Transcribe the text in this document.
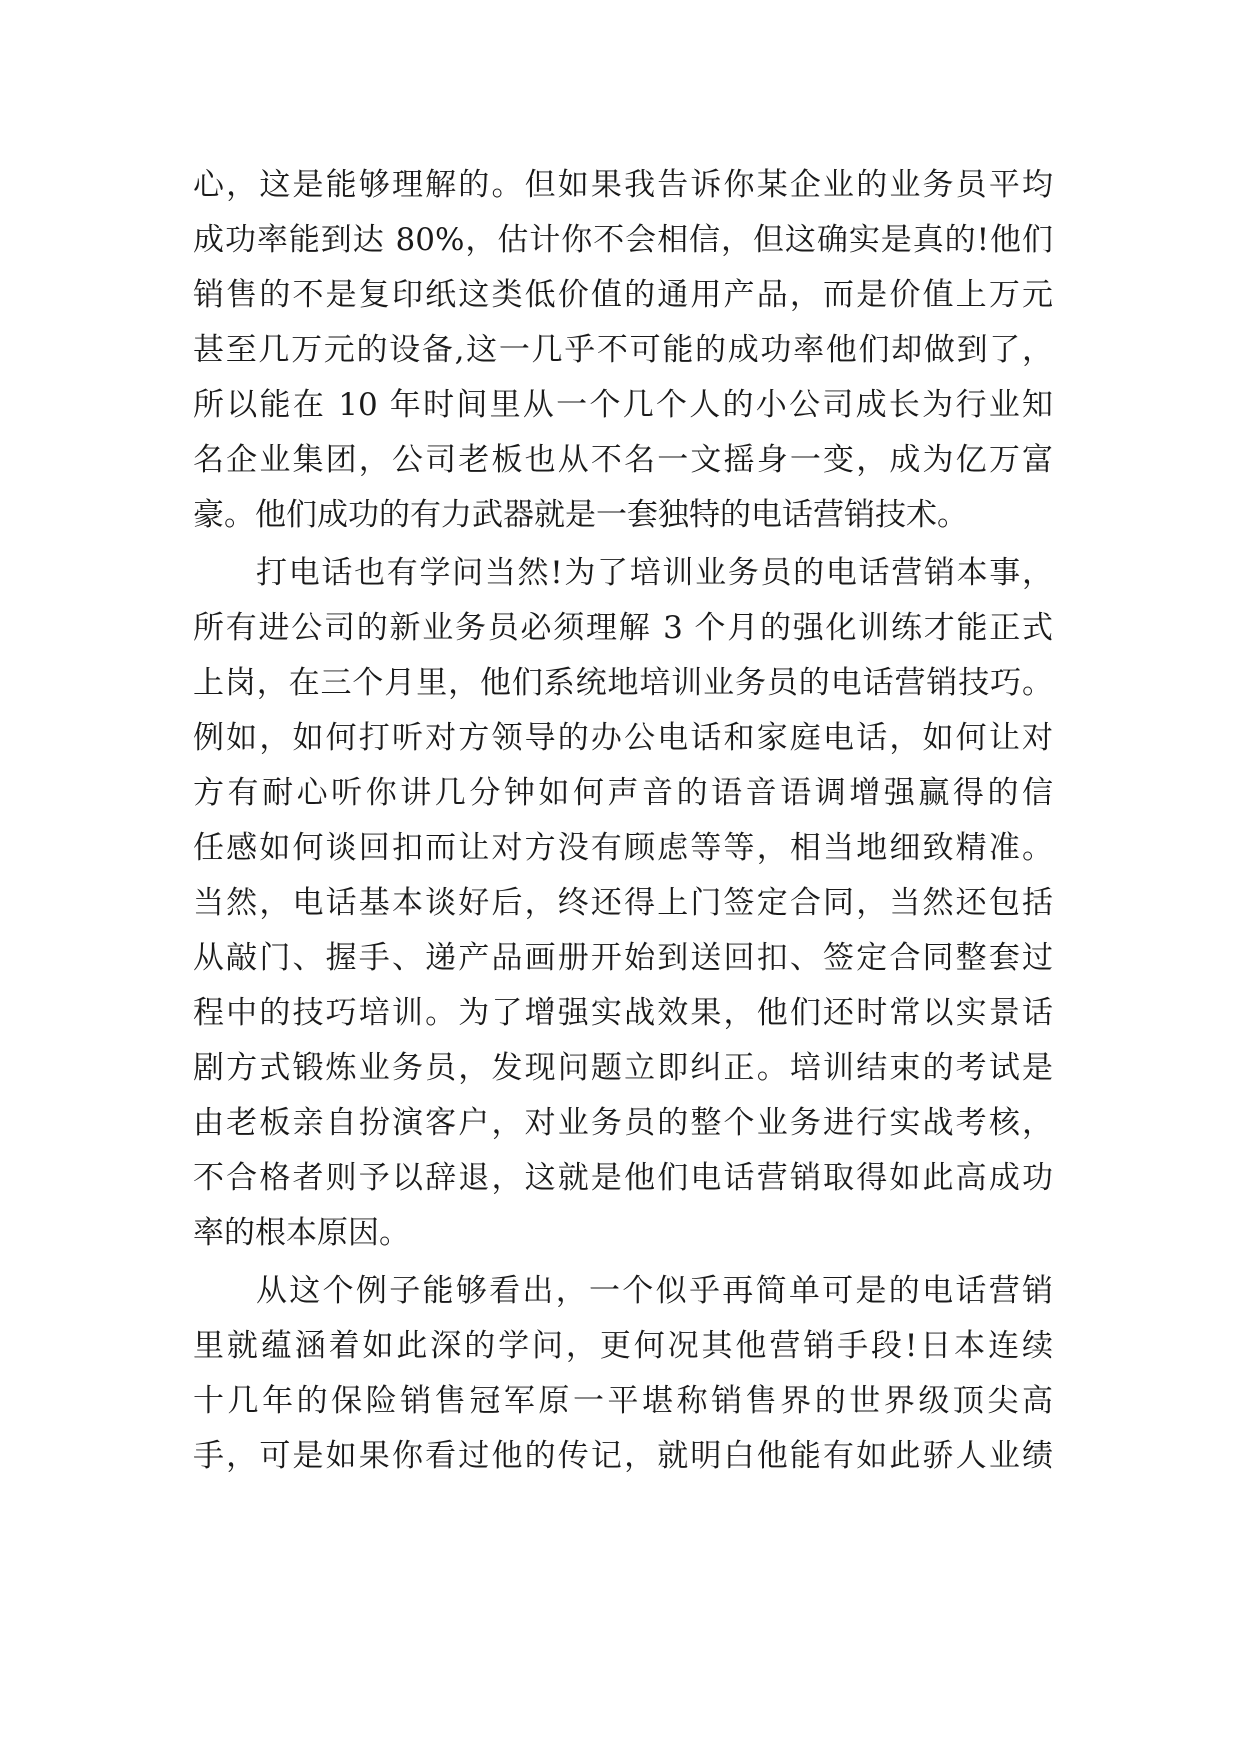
心，这是能够理解的。但如果我告诉你某企业的业务员平均
成功率能到达 80%，估计你不会相信，但这确实是真的!他们
销售的不是复印纸这类低价值的通用产品，而是价值上万元
甚至几万元的设备,这一几乎不可能的成功率他们却做到了，
所以能在 10 年时间里从一个几个人的小公司成长为行业知
名企业集团，公司老板也从不名一文摇身一变，成为亿万富
豪。他们成功的有力武器就是一套独特的电话营销技术。
打电话也有学问当然!为了培训业务员的电话营销本事，
所有进公司的新业务员必须理解 3 个月的强化训练才能正式
上岗，在三个月里，他们系统地培训业务员的电话营销技巧。
例如，如何打听对方领导的办公电话和家庭电话，如何让对
方有耐心听你讲几分钟如何声音的语音语调增强赢得的信
任感如何谈回扣而让对方没有顾虑等等，相当地细致精准。
当然，电话基本谈好后，终还得上门签定合同，当然还包括
从敲门、握手、递产品画册开始到送回扣、签定合同整套过
程中的技巧培训。为了增强实战效果，他们还时常以实景话
剧方式锻炼业务员，发现问题立即纠正。培训结束的考试是
由老板亲自扮演客户，对业务员的整个业务进行实战考核，
不合格者则予以辞退，这就是他们电话营销取得如此高成功
率的根本原因。
从这个例子能够看出，一个似乎再简单可是的电话营销
里就蕴涵着如此深的学问，更何况其他营销手段!日本连续
十几年的保险销售冠军原一平堪称销售界的世界级顶尖高
手，可是如果你看过他的传记，就明白他能有如此骄人业绩
